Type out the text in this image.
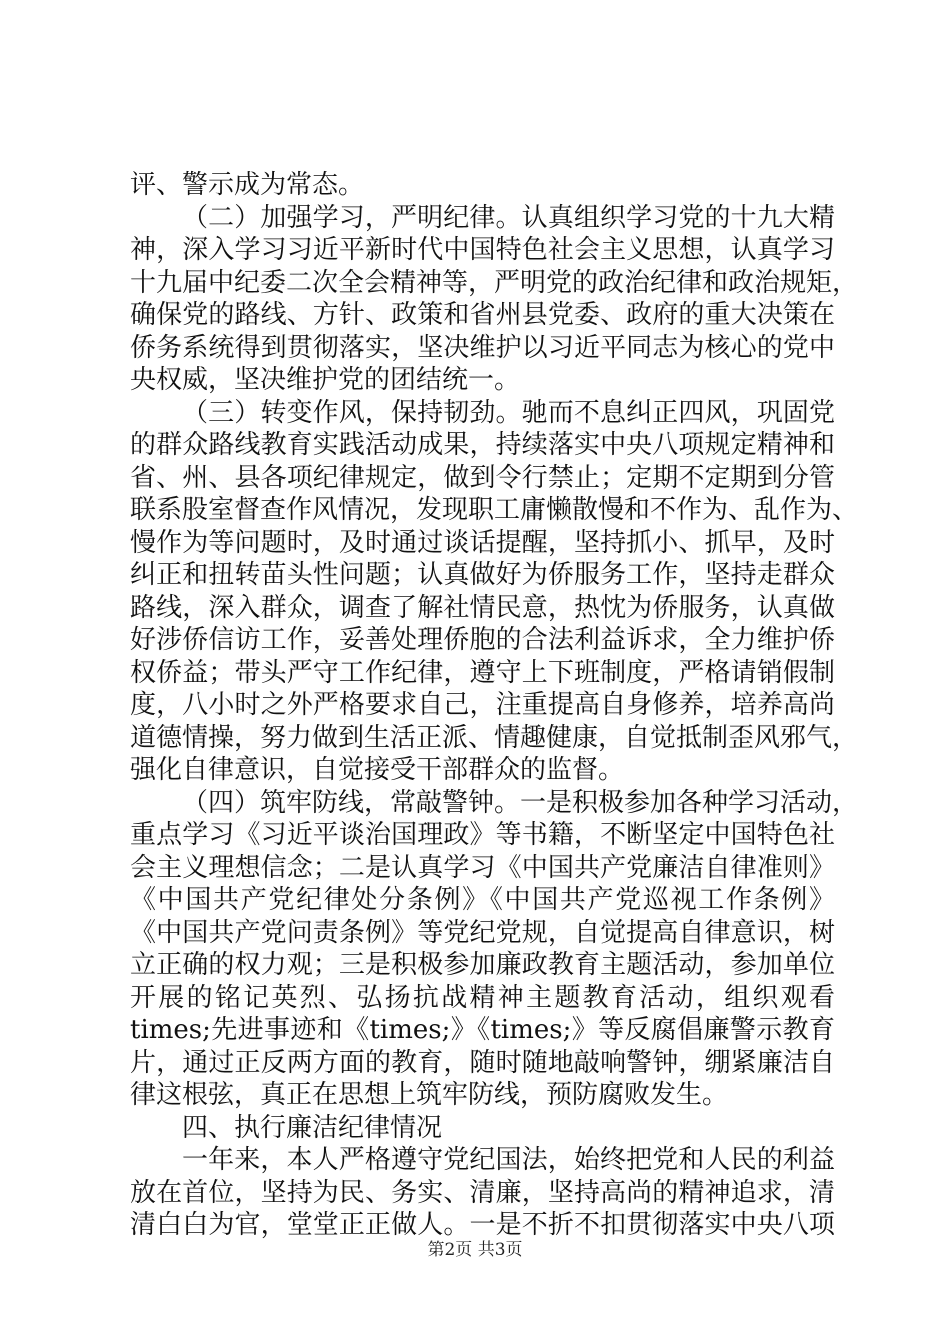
评、警示成为常态。
（二）加强学习，严明纪律。认真组织学习党的十九大精
神，深入学习习近平新时代中国特色社会主义思想，认真学习
十九届中纪委二次全会精神等，严明党的政治纪律和政治规矩，
确保党的路线、方针、政策和省州县党委、政府的重大决策在
侨务系统得到贯彻落实，坚决维护以习近平同志为核心的党中
央权威，坚决维护党的团结统一。
（三）转变作风，保持韧劲。驰而不息纠正四风，巩固党
的群众路线教育实践活动成果，持续落实中央八项规定精神和
省、州、县各项纪律规定，做到令行禁止；定期不定期到分管
联系股室督查作风情况，发现职工庸懒散慢和不作为、乱作为、
慢作为等问题时，及时通过谈话提醒，坚持抓小、抓早，及时
纠正和扭转苗头性问题；认真做好为侨服务工作，坚持走群众
路线，深入群众，调查了解社情民意，热忱为侨服务，认真做
好涉侨信访工作，妥善处理侨胞的合法利益诉求，全力维护侨
权侨益；带头严守工作纪律，遵守上下班制度，严格请销假制
度，八小时之外严格要求自己，注重提高自身修养，培养高尚
道德情操，努力做到生活正派、情趣健康，自觉抵制歪风邪气，
强化自律意识，自觉接受干部群众的监督。
（四）筑牢防线，常敲警钟。一是积极参加各种学习活动，
重点学习《习近平谈治国理政》等书籍，不断坚定中国特色社
会主义理想信念；二是认真学习《中国共产党廉洁自律准则》
《中国共产党纪律处分条例》《中国共产党巡视工作条例》
《中国共产党问责条例》等党纪党规，自觉提高自律意识，树
立正确的权力观；三是积极参加廉政教育主题活动，参加单位
开展的铭记英烈、弘扬抗战精神主题教育活动，组织观看
times;先进事迹和《times;》《times;》等反腐倡廉警示教育
片，通过正反两方面的教育，随时随地敲响警钟，绷紧廉洁自
律这根弦，真正在思想上筑牢防线，预防腐败发生。
四、执行廉洁纪律情况
一年来，本人严格遵守党纪国法，始终把党和人民的利益
放在首位，坚持为民、务实、清廉，坚持高尚的精神追求，清
清白白为官，堂堂正正做人。一是不折不扣贯彻落实中央八项
第2页 共3页
